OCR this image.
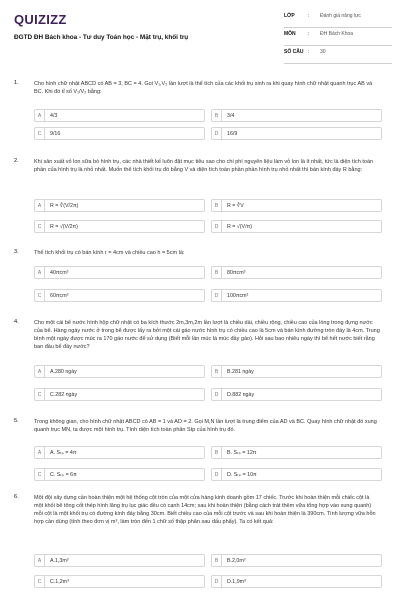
QUIZIZZ
ĐGTD ĐH Bách khoa - Tư duy Toán học - Mặt trụ, khối trụ
LỚP	:	Đánh giá năng lực
MÔN	:	ĐH Bách Khoa
SỐ CÂU :	30
1.	Cho hình chữ nhật ABCD có AB = 3, BC = 4. Gọi V₁,V₂ lần lượt là thể tích của các khối trụ sinh ra khi quay hình chữ nhật quanh trục AB và BC. Khi đó tỉ số V₁/V₂ bằng:
A	4/3	B	3/4
C	9/16	D	16/9
2.	Khi sản xuất vỏ lon sữa bò hình trụ, các nhà thiết kế luôn đặt mục tiêu sao cho chi phí nguyên liệu làm vỏ lon là ít nhất, tức là diện tích toàn phần của hình trụ là nhỏ nhất. Muốn thể tích khối trụ đó bằng V và diện tích toàn phần phần hình trụ nhỏ nhất thì bán kính đáy R bằng:
A	R = ∛(V/2π)	B	R = ∛V
C	R = √(V/2π)	D	R = √(V/π)
3.	Thể tích khối trụ có bán kính r = 4cm và chiều cao h = 5cm là:
A	40πcm³	B	80πcm³
C	60πcm³	D	100πcm³
4.	Cho một cái bể nước hình hộp chữ nhật có ba kích thước 2m,3m,2m lần lượt là chiều dài, chiều rộng, chiều cao của lòng trong đựng nước của bể. Hàng ngày nước ở trong bể được lấy ra bởi một cái gáo nước hình trụ có chiều cao là 5cm và bán kính đường tròn đáy là 4cm. Trung bình một ngày được múc ra 170 gáo nước để sử dụng (Biết mỗi lần múc là múc đầy gáo). Hỏi sau bao nhiêu ngày thì bể hết nước biết rằng ban đầu bể đầy nước?
A	A.280 ngày	B	B.281 ngày
C	C.282 ngày	D	D.882 ngày
5.	Trong không gian, cho hình chữ nhật ABCD có AB = 1 và AD = 2. Gọi M,N lần lượt là trung điểm của AD và BC. Quay hình chữ nhật đó xung quanh trục MN, ta được một hình trụ. Tính diện tích toàn phần Stp của hình trụ đó.
A	A. Sₜₚ = 4π	B	B. Sₜₚ = 12π
C	C. Sₜₚ = 6π	D	D. Sₜₚ = 10π
6.	Một đội xây dựng cần hoàn thiện một hệ thống cột tròn của một cửa hàng kinh doanh gồm 17 chiếc. Trước khi hoàn thiện mỗi chiếc cột là một khối bê tông cốt thép hình lăng trụ lục giác đều có cạnh 14cm; sau khi hoàn thiện (bằng cách trát thêm vữa tổng hợp vào xung quanh) mỗi cột là một khối trụ có đường kính đáy bằng 30cm. Biết chiều cao của mỗi cột trước và sau khi hoàn thiện là 390cm. Tính lượng vữa hỗn hợp cần dùng (tính theo đơn vị m³, làm tròn đến 1 chữ số thập phân sau dấu phẩy). Ta có kết quả:
A	A.1,3m³	B	B.2,0m³
C	C.1,2m³	D	D.1,9m³
